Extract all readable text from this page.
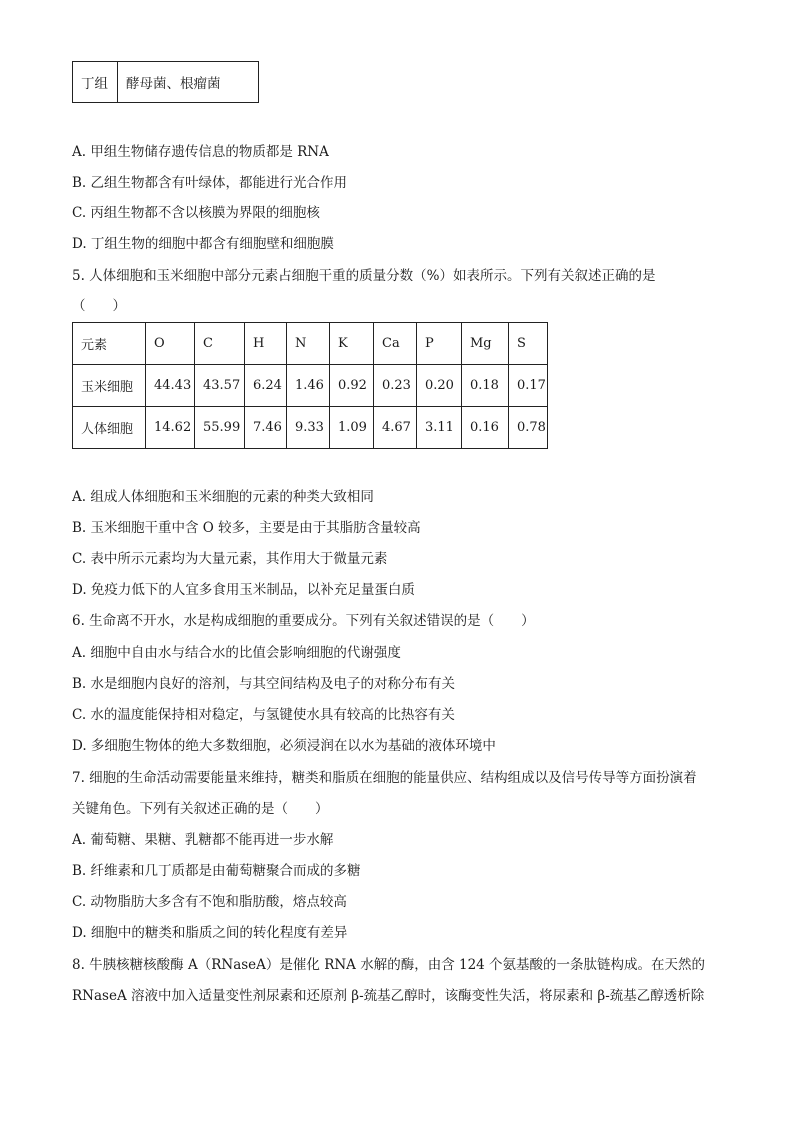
丁组	酵母菌、根瘤菌
A. 甲组生物储存遗传信息的物质都是 RNA
B. 乙组生物都含有叶绿体，都能进行光合作用
C. 丙组生物都不含以核膜为界限的细胞核
D. 丁组生物的细胞中都含有细胞壁和细胞膜
5. 人体细胞和玉米细胞中部分元素占细胞干重的质量分数（%）如表所示。下列有关叙述正确的是
（　　）
元素	O	C	H	N	K	Ca	P	Mg	S
玉米细胞	44.43	43.57	6.24	1.46	0.92	0.23	0.20	0.18	0.17
人体细胞	14.62	55.99	7.46	9.33	1.09	4.67	3.11	0.16	0.78
A. 组成人体细胞和玉米细胞的元素的种类大致相同
B. 玉米细胞干重中含 O 较多，主要是由于其脂肪含量较高
C. 表中所示元素均为大量元素，其作用大于微量元素
D. 免疫力低下的人宜多食用玉米制品，以补充足量蛋白质
6. 生命离不开水，水是构成细胞的重要成分。下列有关叙述错误的是（　　）
A. 细胞中自由水与结合水的比值会影响细胞的代谢强度
B. 水是细胞内良好的溶剂，与其空间结构及电子的对称分布有关
C. 水的温度能保持相对稳定，与氢键使水具有较高的比热容有关
D. 多细胞生物体的绝大多数细胞，必须浸润在以水为基础的液体环境中
7. 细胞的生命活动需要能量来维持，糖类和脂质在细胞的能量供应、结构组成以及信号传导等方面扮演着
关键角色。下列有关叙述正确的是（　　）
A. 葡萄糖、果糖、乳糖都不能再进一步水解
B. 纤维素和几丁质都是由葡萄糖聚合而成的多糖
C. 动物脂肪大多含有不饱和脂肪酸，熔点较高
D. 细胞中的糖类和脂质之间的转化程度有差异
8. 牛胰核糖核酸酶 A（RNaseA）是催化 RNA 水解的酶，由含 124 个氨基酸的一条肽链构成。在天然的
RNaseA 溶液中加入适量变性剂尿素和还原剂 β-巯基乙醇时，该酶变性失活，将尿素和 β-巯基乙醇透析除
